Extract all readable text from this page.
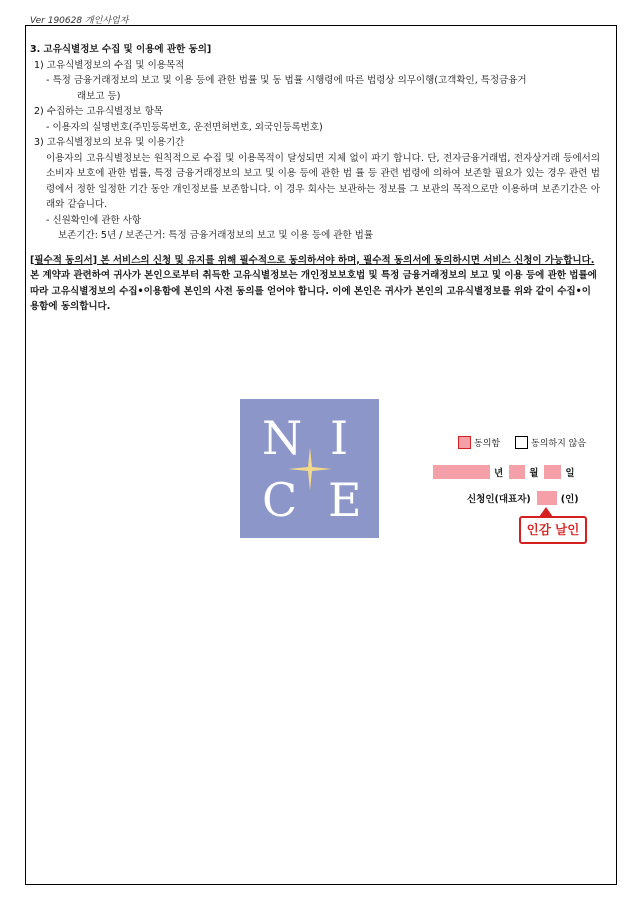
Ver 190628 개인사업자

3. 고유식별정보 수집 및 이용에 관한 동의]

1) 고유식별정보의 수집 및 이용목적

- 특정 금융거래정보의 보고 및 이용 등에 관한 법률 및 동 법률 시행령에 따른 법령상 의무이행(고객확인, 특정금융거

래보고 등)

2) 수집하는 고유식별정보 항목

- 이용자의 실명번호(주민등록번호, 운전면허번호, 외국인등록번호)

3) 고유식별정보의 보유 및 이용기간

이용자의 고유식별정보는 원칙적으로 수집 및 이용목적이 달성되면 지체 없이 파기 합니다. 단, 전자금융거래법, 전자상거래 등에서의 소비자 보호에 관한 법률, 특정 금융거래정보의 보고 및 이용 등에 관한 법 률 등 관련 법령에 의하여 보존할 필요가 있는 경우 관련 법령에서 정한 일정한 기간 동안 개인정보를 보존합니다. 이 경우 회사는 보관하는 정보를 그 보관의 목적으로만 이용하며 보존기간은 아래와 같습니다.

- 신원확인에 관한 사항

보존기간: 5년 / 보존근거: 특정 금융거래정보의 보고 및 이용 등에 관한 법률

[필수적 동의서] 본 서비스의 신청 및 유지를 위해 필수적으로 동의하셔야 하며, 필수적 동의서에 동의하시면 서비스 신청이 가능합니다.

본 계약과 관련하여 귀사가 본인으로부터 취득한 고유식별정보는 개인정보보호법 및 특정 금융거래정보의 보고 및 이용 등에 관한 법률에 따라 고유식별정보의 수집•이용함에 본인의 사전 동의를 얻어야 합니다. 이에 본인은 귀사가 본인의 고유식별정보를 위와 같이 수집•이용함에 동의합니다.

N I
C E
동의함	동의하지 않음
년	월	일
신청인(대표자)	(인)
인감 날인
